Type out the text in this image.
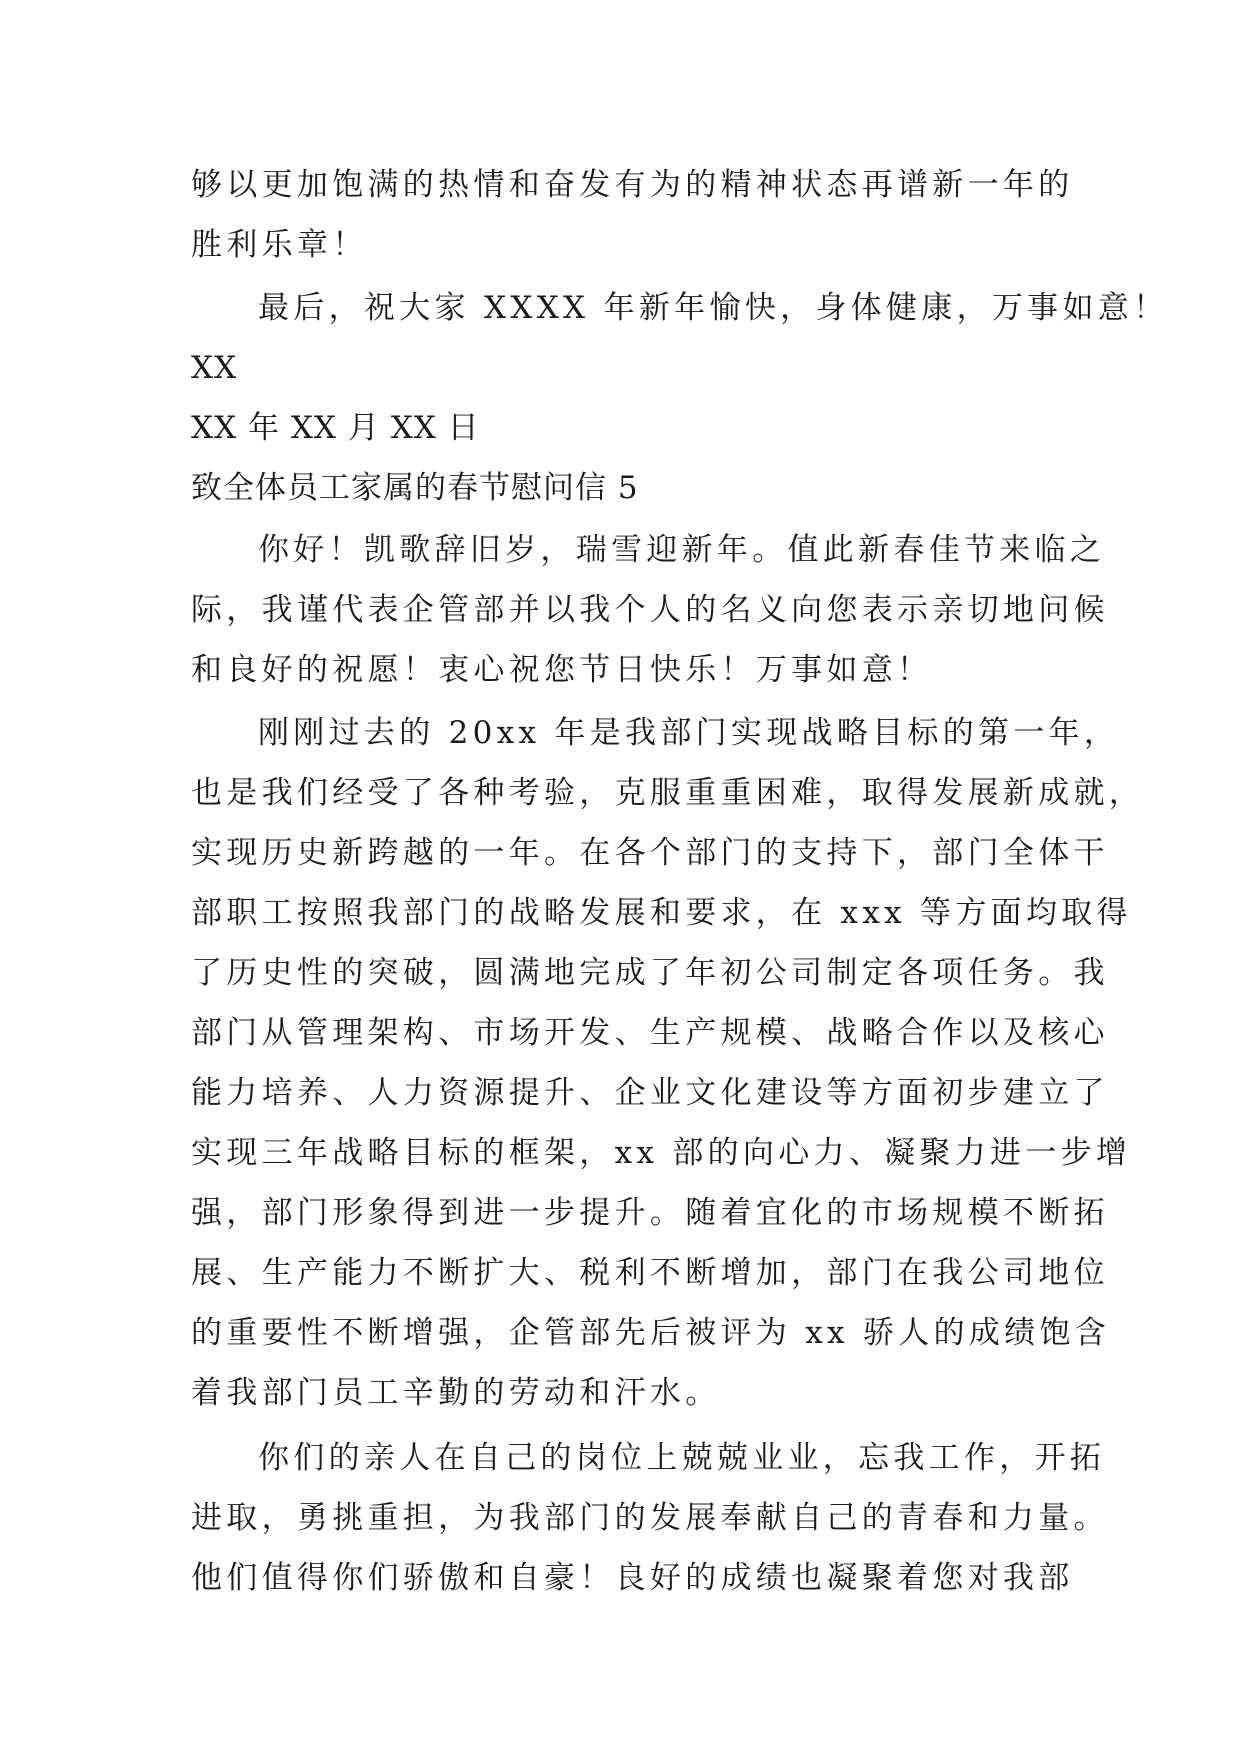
够以更加饱满的热情和奋发有为的精神状态再谱新一年的
胜利乐章！
最后，祝大家 XXXX 年新年愉快，身体健康，万事如意！
XX
XX 年 XX 月 XX 日
致全体员工家属的春节慰问信 5
你好！凯歌辞旧岁，瑞雪迎新年。值此新春佳节来临之
际，我谨代表企管部并以我个人的名义向您表示亲切地问候
和良好的祝愿！衷心祝您节日快乐！万事如意！
刚刚过去的 20xx 年是我部门实现战略目标的第一年，
也是我们经受了各种考验，克服重重困难，取得发展新成就，
实现历史新跨越的一年。在各个部门的支持下，部门全体干
部职工按照我部门的战略发展和要求，在 xxx 等方面均取得
了历史性的突破，圆满地完成了年初公司制定各项任务。我
部门从管理架构、市场开发、生产规模、战略合作以及核心
能力培养、人力资源提升、企业文化建设等方面初步建立了
实现三年战略目标的框架，xx 部的向心力、凝聚力进一步增
强，部门形象得到进一步提升。随着宜化的市场规模不断拓
展、生产能力不断扩大、税利不断增加，部门在我公司地位
的重要性不断增强，企管部先后被评为 xx 骄人的成绩饱含
着我部门员工辛勤的劳动和汗水。
你们的亲人在自己的岗位上兢兢业业，忘我工作，开拓
进取，勇挑重担，为我部门的发展奉献自己的青春和力量。
他们值得你们骄傲和自豪！良好的成绩也凝聚着您对我部
